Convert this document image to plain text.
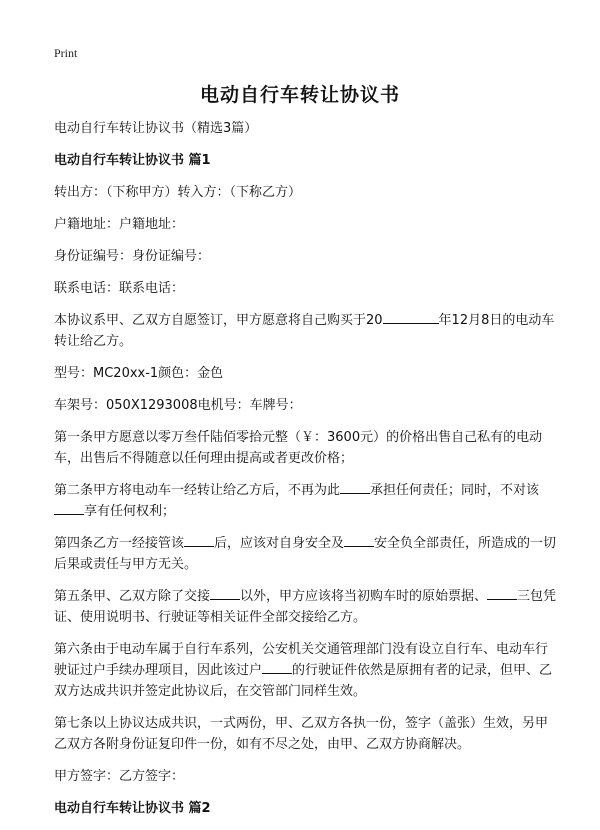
Print
电动自行车转让协议书

电动自行车转让协议书（精选3篇）

电动自行车转让协议书 篇1

转出方：（下称甲方）转入方：（下称乙方）

户籍地址：户籍地址：

身份证编号：身份证编号：

联系电话：联系电话：

本协议系甲、乙双方自愿签订，甲方愿意将自己购买于20	年12月8日的电动车转让给乙方。

型号：MC20xx-1颜色：金色

车架号：050X1293008电机号：车牌号：

第一条甲方愿意以零万叁仟陆佰零拾元整（￥：3600元）的价格出售自己私有的电动车，出售后不得随意以任何理由提高或者更改价格；

第二条甲方将电动车一经转让给乙方后，不再为此 承担任何责任；同时，不对该享有任何权利；

第四条乙方一经接管该 后，应该对自身安全及 安全负全部责任，所造成的一切后果或责任与甲方无关。

第五条甲、乙双方除了交接 以外，甲方应该将当初购车时的原始票据、 三包凭证、使用说明书、行驶证等相关证件全部交接给乙方。

第六条由于电动车属于自行车系列，公安机关交通管理部门没有设立自行车、电动车行驶证过户手续办理项目，因此该过户 的行驶证件依然是原拥有者的记录，但甲、乙双方达成共识并签定此协议后，在交管部门同样生效。

第七条以上协议达成共识，一式两份，甲、乙双方各执一份，签字（盖张）生效，另甲乙双方各附身份证复印件一份，如有不尽之处，由甲、乙双方协商解决。

甲方签字：乙方签字：

电动自行车转让协议书 篇2
